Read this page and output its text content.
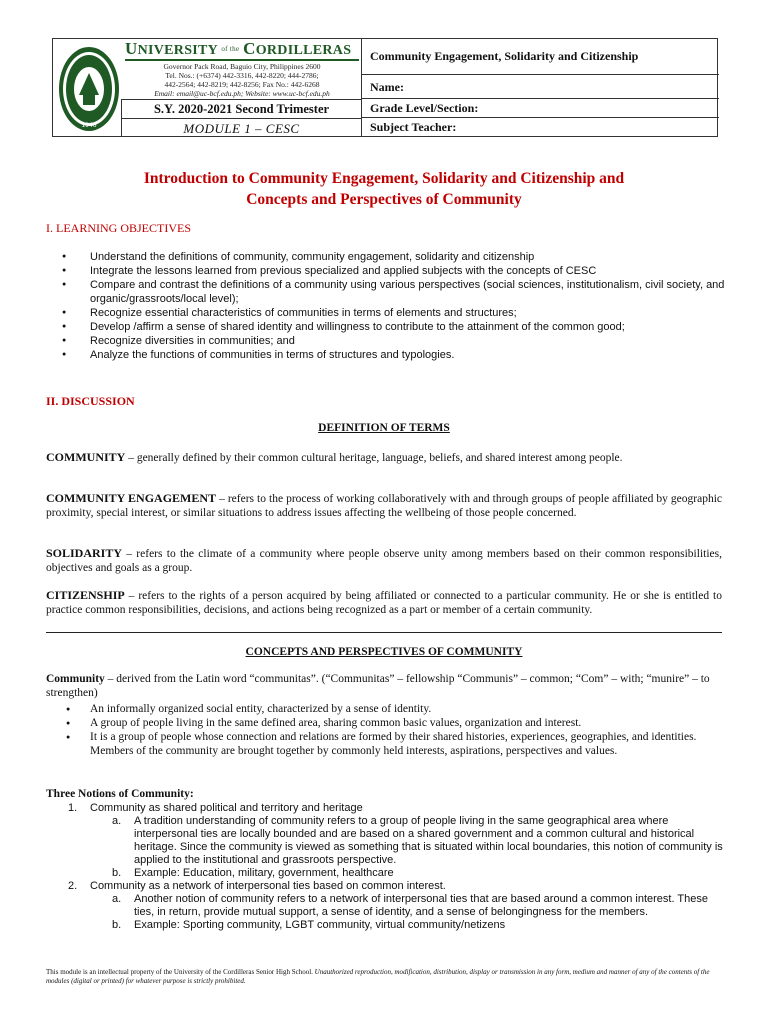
1946
UNIVERSITY $^{of the}$ CORDILLERAS
Governor Pack Road, Baguio City, Philippines 2600
Tel. Nos.: (+6374) 442-3316, 442-8220; 444-2786;
442-2564; 442-8219; 442-8256; Fax No.: 442-6268
Email: email@uc-bcf.edu.ph; Website: www.uc-bcf.edu.ph
S.Y. 2020-2021 Second Trimester
MODULE 1 – CESC
Community Engagement, Solidarity and Citizenship
Name:
Grade Level/Section:
Subject Teacher:
Introduction to Community Engagement, Solidarity and Citizenship and
Concepts and Perspectives of Community
I. LEARNING OBJECTIVES
● Understand the definitions of community, community engagement, solidarity and citizenship
● Integrate the lessons learned from previous specialized and applied subjects with the concepts of CESC
● Compare and contrast the definitions of a community using various perspectives (social sciences, institutionalism, civil society, and organic/grassroots/local level);
● Recognize essential characteristics of communities in terms of elements and structures;
● Develop /affirm a sense of shared identity and willingness to contribute to the attainment of the common good;
● Recognize diversities in communities; and
● Analyze the functions of communities in terms of structures and typologies.
II. DISCUSSION
DEFINITION OF TERMS
COMMUNITY – generally defined by their common cultural heritage, language, beliefs, and shared interest among people.
COMMUNITY ENGAGEMENT – refers to the process of working collaboratively with and through groups of people affiliated by geographic proximity, special interest, or similar situations to address issues affecting the wellbeing of those people concerned.
SOLIDARITY – refers to the climate of a community where people observe unity among members based on their common responsibilities, objectives and goals as a group.
CITIZENSHIP – refers to the rights of a person acquired by being affiliated or connected to a particular community. He or she is entitled to practice common responsibilities, decisions, and actions being recognized as a part or member of a certain community.
CONCEPTS AND PERSPECTIVES OF COMMUNITY
Community – derived from the Latin word “communitas”. (“Communitas” – fellowship “Communis” – common; “Com” – with; “munire” – to strengthen)
● An informally organized social entity, characterized by a sense of identity.
● A group of people living in the same defined area, sharing common basic values, organization and interest.
● It is a group of people whose connection and relations are formed by their shared histories, experiences, geographies, and identities. Members of the community are brought together by commonly held interests, aspirations, perspectives and values.
Three Notions of Community:
1. Community as shared political and territory and heritage
a. A tradition understanding of community refers to a group of people living in the same geographical area where interpersonal ties are locally bounded and are based on a shared government and a common cultural and historical heritage. Since the community is viewed as something that is situated within local boundaries, this notion of community is applied to the institutional and grassroots perspective.
b. Example: Education, military, government, healthcare
2. Community as a network of interpersonal ties based on common interest.
a. Another notion of community refers to a network of interpersonal ties that are based around a common interest. These ties, in return, provide mutual support, a sense of identity, and a sense of belongingness for the members.
b. Example: Sporting community, LGBT community, virtual community/netizens
This module is an intellectual property of the University of the Cordilleras Senior High School. Unauthorized reproduction, modification, distribution, display or transmission in any form, medium and manner of any of the contents of the modules (digital or printed) for whatever purpose is strictly prohibited.
